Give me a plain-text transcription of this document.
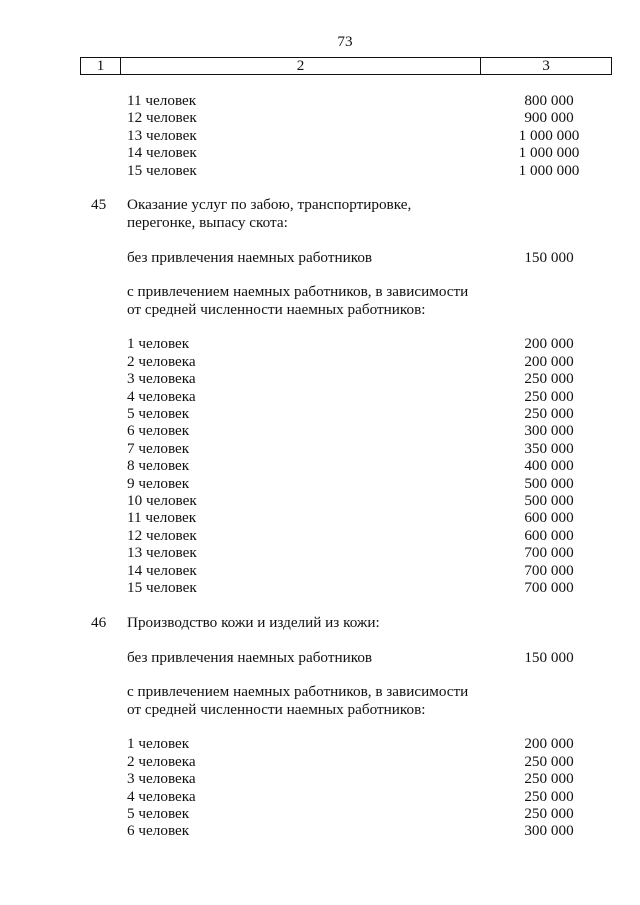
73
1	2	3
11 человек	800 000
12 человек	900 000
13 человек	1 000 000
14 человек	1 000 000
15 человек	1 000 000
45 Оказание услуг по забою, транспортировке,
перегонке, выпасу скота:
без привлечения наемных работников	150 000
с привлечением наемных работников, в зависимости
от средней численности наемных работников:
1 человек	200 000
2 человека	200 000
3 человека	250 000
4 человека	250 000
5 человек	250 000
6 человек	300 000
7 человек	350 000
8 человек	400 000
9 человек	500 000
10 человек	500 000
11 человек	600 000
12 человек	600 000
13 человек	700 000
14 человек	700 000
15 человек	700 000
46 Производство кожи и изделий из кожи:
без привлечения наемных работников	150 000
с привлечением наемных работников, в зависимости
от средней численности наемных работников:
1 человек	200 000
2 человека	250 000
3 человека	250 000
4 человека	250 000
5 человек	250 000
6 человек	300 000
